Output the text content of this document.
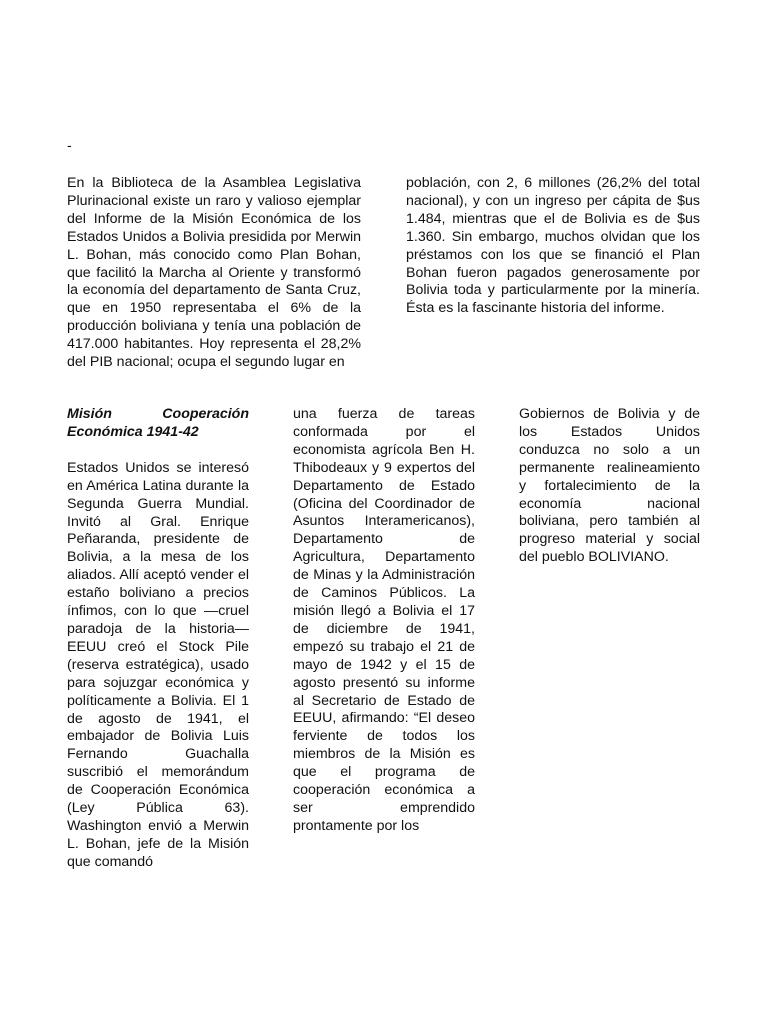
-

En la Biblioteca de la Asamblea Legislativa Plurinacional existe un raro y valioso ejemplar del Informe de la Misión Económica de los Estados Unidos a Bolivia presidida por Merwin L. Bohan, más conocido como Plan Bohan, que facilitó la Marcha al Oriente y transformó la economía del departamento de Santa Cruz, que en 1950 representaba el 6% de la producción boliviana y tenía una población de 417.000 habitantes. Hoy representa el 28,2% del PIB nacional; ocupa el segundo lugar en

población, con 2, 6 millones (26,2% del total nacional), y con un ingreso per cápita de $us 1.484, mientras que el de Bolivia es de $us 1.360. Sin embargo, muchos olvidan que los préstamos con los que se financió el Plan Bohan fueron pagados generosamente por Bolivia toda y particularmente por la minería. Ésta es la fascinante historia del informe.

Misión Cooperación Económica 1941-42

Estados Unidos se interesó en América Latina durante la Segunda Guerra Mundial. Invitó al Gral. Enrique Peñaranda, presidente de Bolivia, a la mesa de los aliados. Allí aceptó vender el estaño boliviano a precios ínfimos, con lo que —cruel paradoja de la historia— EEUU creó el Stock Pile (reserva estratégica), usado para sojuzgar económica y políticamente a Bolivia. El 1 de agosto de 1941, el embajador de Bolivia Luis Fernando Guachalla suscribió el memorándum de Cooperación Económica (Ley Pública 63). Washington envió a Merwin L. Bohan, jefe de la Misión que comandó

una fuerza de tareas conformada por el economista agrícola Ben H. Thibodeaux y 9 expertos del Departamento de Estado (Oficina del Coordinador de Asuntos Interamericanos), Departamento de Agricultura, Departamento de Minas y la Administración de Caminos Públicos. La misión llegó a Bolivia el 17 de diciembre de 1941, empezó su trabajo el 21 de mayo de 1942 y el 15 de agosto presentó su informe al Secretario de Estado de EEUU, afirmando: “El deseo ferviente de todos los miembros de la Misión es que el programa de cooperación económica a ser emprendido prontamente por los

Gobiernos de Bolivia y de los Estados Unidos conduzca no solo a un permanente realineamiento y fortalecimiento de la economía nacional boliviana, pero también al progreso material y social del pueblo BOLIVIANO.
